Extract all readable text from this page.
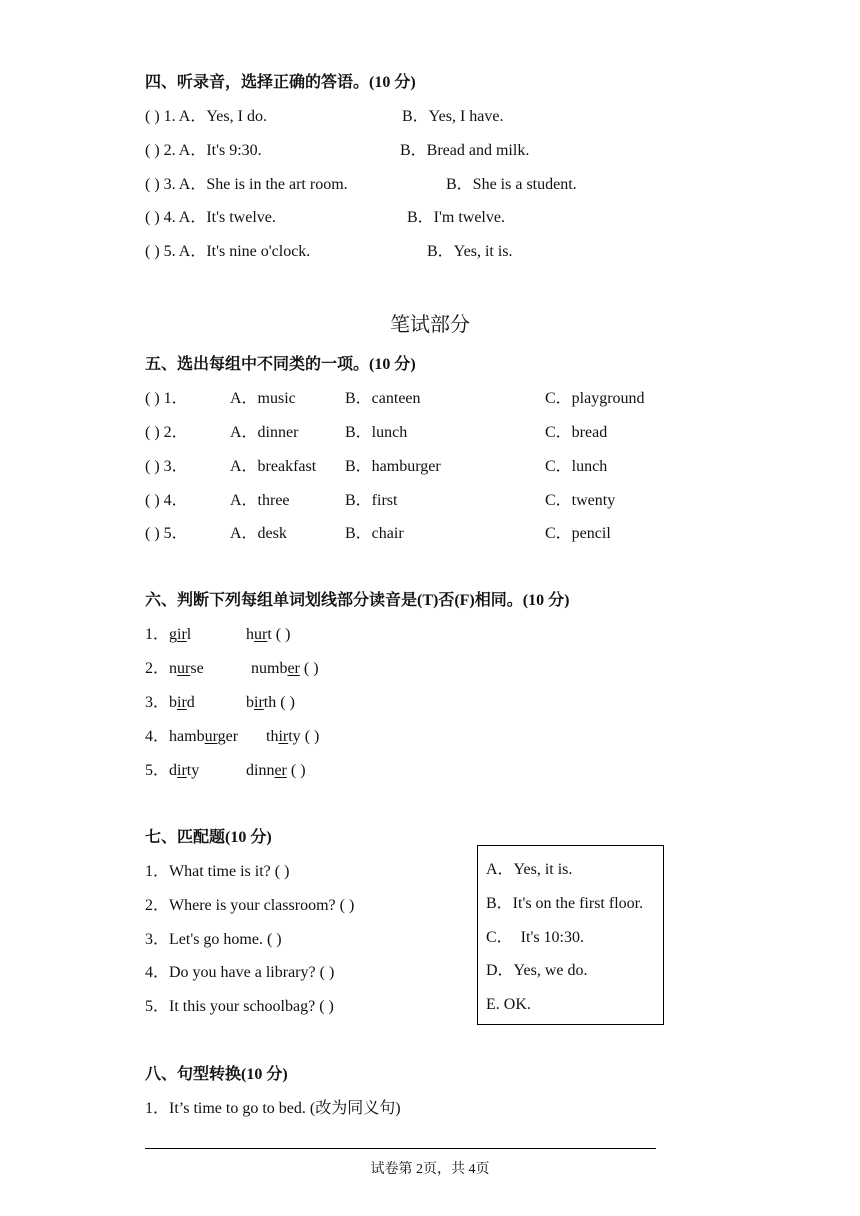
四、听录音，选择正确的答语。(10 分)
( ) 1. A．Yes, I do.	B．Yes, I have.
( ) 2. A．It's 9:30.	B．Bread and milk.
( ) 3. A．She is in the art room.	B．She is a student.
( ) 4. A．It's twelve.	B．I'm twelve.
( ) 5. A．It's nine o'clock.	B．Yes, it is.
笔试部分
五、选出每组中不同类的一项。(10 分)
( ) 1．	A．music	B．canteen	C．playground
( ) 2．	A．dinner	B．lunch	C．bread
( ) 3．	A．breakfast B．hamburger	C．lunch
( ) 4．	A．three	B．first	C．twenty
( ) 5．	A．desk	B．chair	C．pencil
六、判断下列每组单词划线部分读音是(T)否(F)相同。(10 分)
1．girl	hurt ( )
2．nurse	number ( )
3．bird	birth ( )
4．hamburger thirty ( )
5．dirty	dinner ( )
七、匹配题(10 分)
1．What time is it? ( )
2．Where is your classroom? ( )
3．Let's go home. ( )
4．Do you have a library? ( )
5．It this your schoolbag? ( )
A．Yes, it is.
B．It's on the first floor.
C．  It's 10:30.
D．Yes, we do.
E. OK.
八、句型转换(10 分)
1．It’s time to go to bed. (改为同义句)
试卷第 2页，共 4页
